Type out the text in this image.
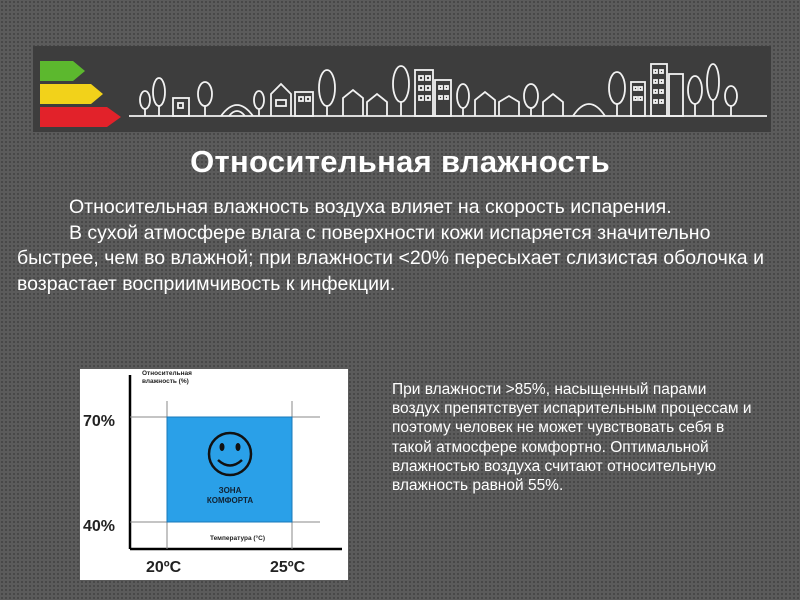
Относительная влажность

Относительная влажность воздуха влияет на скорость испарения.

В сухой атмосфере влага с поверхности кожи испаряется значительно быстрее, чем во влажной; при влажности <20% пересыхает слизистая оболочка и возрастает восприимчивость к инфекции.

ЗОНА
КОМФОРТА
Относительная
влажность (%)
Температура (°С)
70%
40%
20ºC	25ºC

При влажности >85%, насыщенный парами воздух препятствует испарительным процессам и поэтому человек не может чувствовать себя в такой атмосфере комфортно. Оптимальной влажностью воздуха считают относительную влажность равной 55%.
